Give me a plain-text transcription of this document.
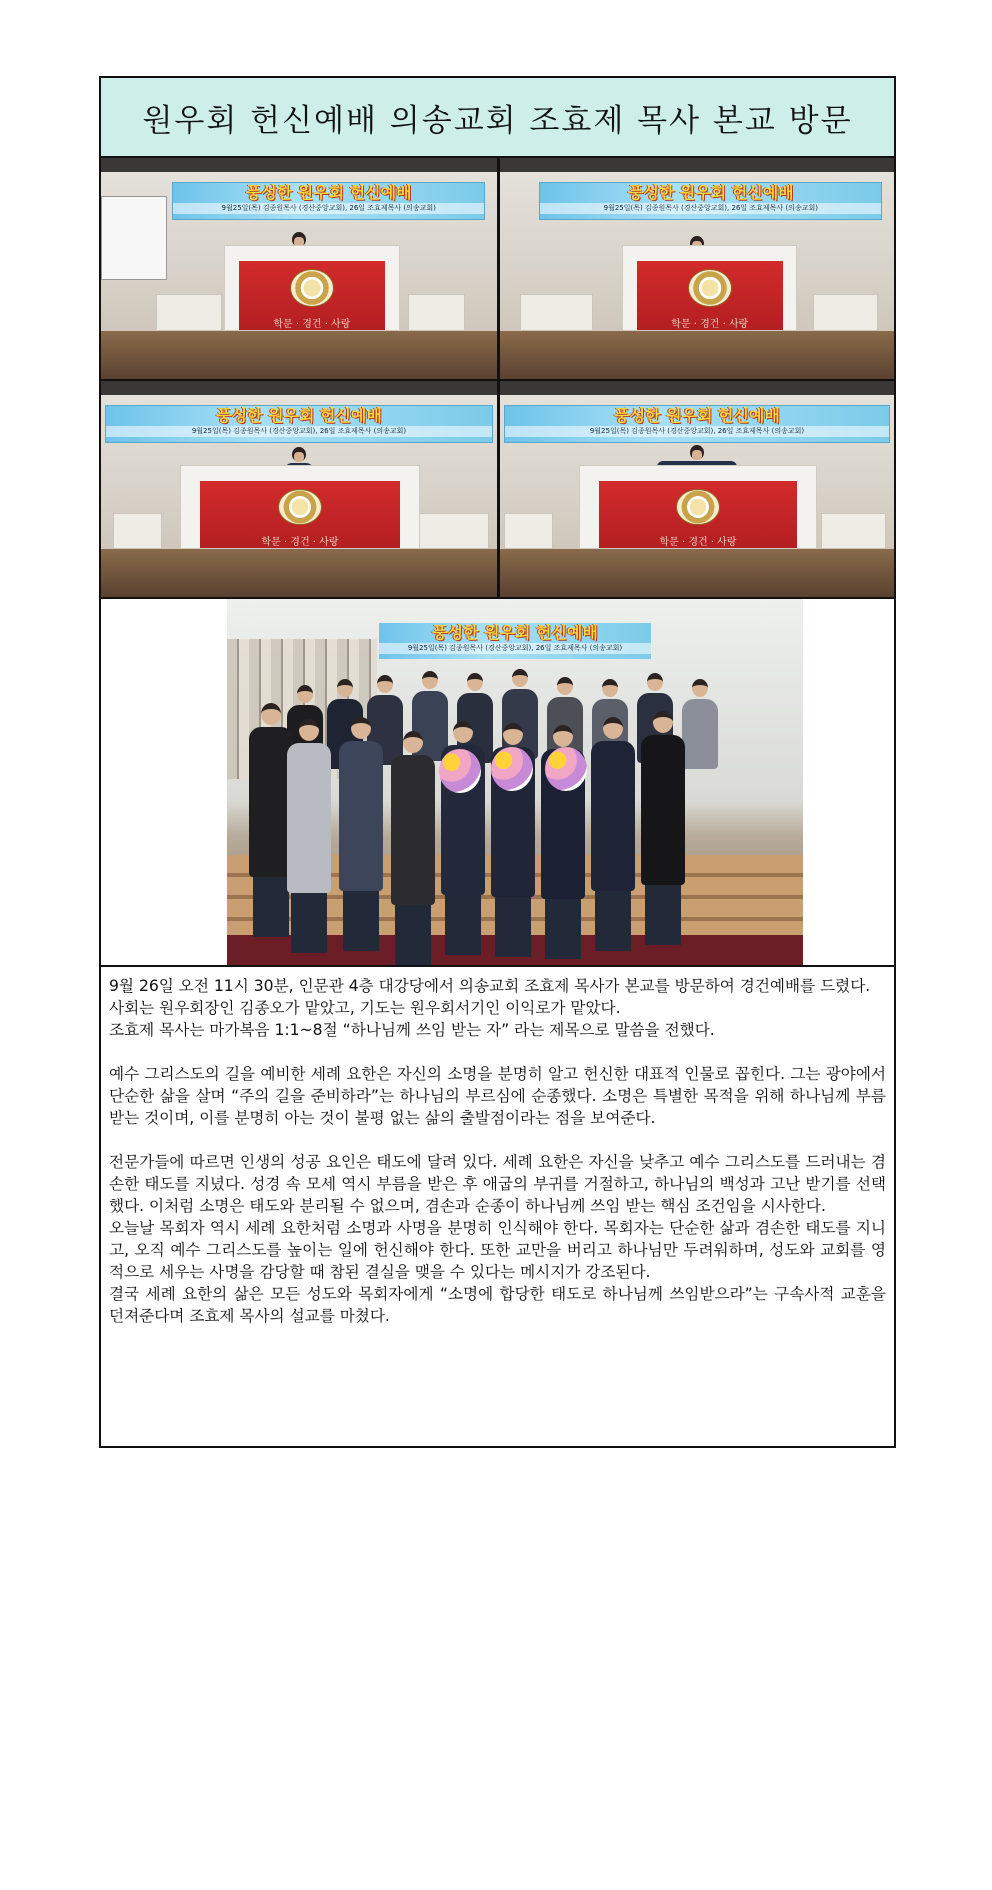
원우회 헌신예배 의송교회 조효제 목사 본교 방문
풍성한 원우회 헌신예배
9월25일(목) 김종원목사 (경산중앙교회), 26일 조효제목사 (의송교회)
학문 · 경건 · 사랑
풍성한 원우회 헌신예배
9월25일(목) 김종원목사 (경산중앙교회), 26일 조효제목사 (의송교회)
학문 · 경건 · 사랑
풍성한 원우회 헌신예배
9월25일(목) 김종원목사 (경산중앙교회), 26일 조효제목사 (의송교회)
학문 · 경건 · 사랑
풍성한 원우회 헌신예배
9월25일(목) 김종원목사 (경산중앙교회), 26일 조효제목사 (의송교회)
학문 · 경건 · 사랑
풍성한 원우회 헌신예배
9월25일(목) 김종원목사 (경산중앙교회), 26일 조효제목사 (의송교회)

9월 26일 오전 11시 30분, 인문관 4층 대강당에서 의송교회 조효제 목사가 본교를 방문하여 경건예배를 드렸다.

사회는 원우회장인 김종오가 맡았고, 기도는 원우회서기인 이익로가 맡았다.

조효제 목사는 마가복음 1:1~8절 “하나님께 쓰임 받는 자” 라는 제목으로 말씀을 전했다.

예수 그리스도의 길을 예비한 세례 요한은 자신의 소명을 분명히 알고 헌신한 대표적 인물로 꼽힌다. 그는 광야에서 단순한 삶을 살며 “주의 길을 준비하라”는 하나님의 부르심에 순종했다. 소명은 특별한 목적을 위해 하나님께 부름받는 것이며, 이를 분명히 아는 것이 불평 없는 삶의 출발점이라는 점을 보여준다.

전문가들에 따르면 인생의 성공 요인은 태도에 달려 있다. 세례 요한은 자신을 낮추고 예수 그리스도를 드러내는 겸손한 태도를 지녔다. 성경 속 모세 역시 부름을 받은 후 애굽의 부귀를 거절하고, 하나님의 백성과 고난 받기를 선택했다. 이처럼 소명은 태도와 분리될 수 없으며, 겸손과 순종이 하나님께 쓰임 받는 핵심 조건임을 시사한다.

오늘날 목회자 역시 세례 요한처럼 소명과 사명을 분명히 인식해야 한다. 목회자는 단순한 삶과 겸손한 태도를 지니고, 오직 예수 그리스도를 높이는 일에 헌신해야 한다. 또한 교만을 버리고 하나님만 두려워하며, 성도와 교회를 영적으로 세우는 사명을 감당할 때 참된 결실을 맺을 수 있다는 메시지가 강조된다.

결국 세례 요한의 삶은 모든 성도와 목회자에게 “소명에 합당한 태도로 하나님께 쓰임받으라”는 구속사적 교훈을 던져준다며 조효제 목사의 설교를 마쳤다.
